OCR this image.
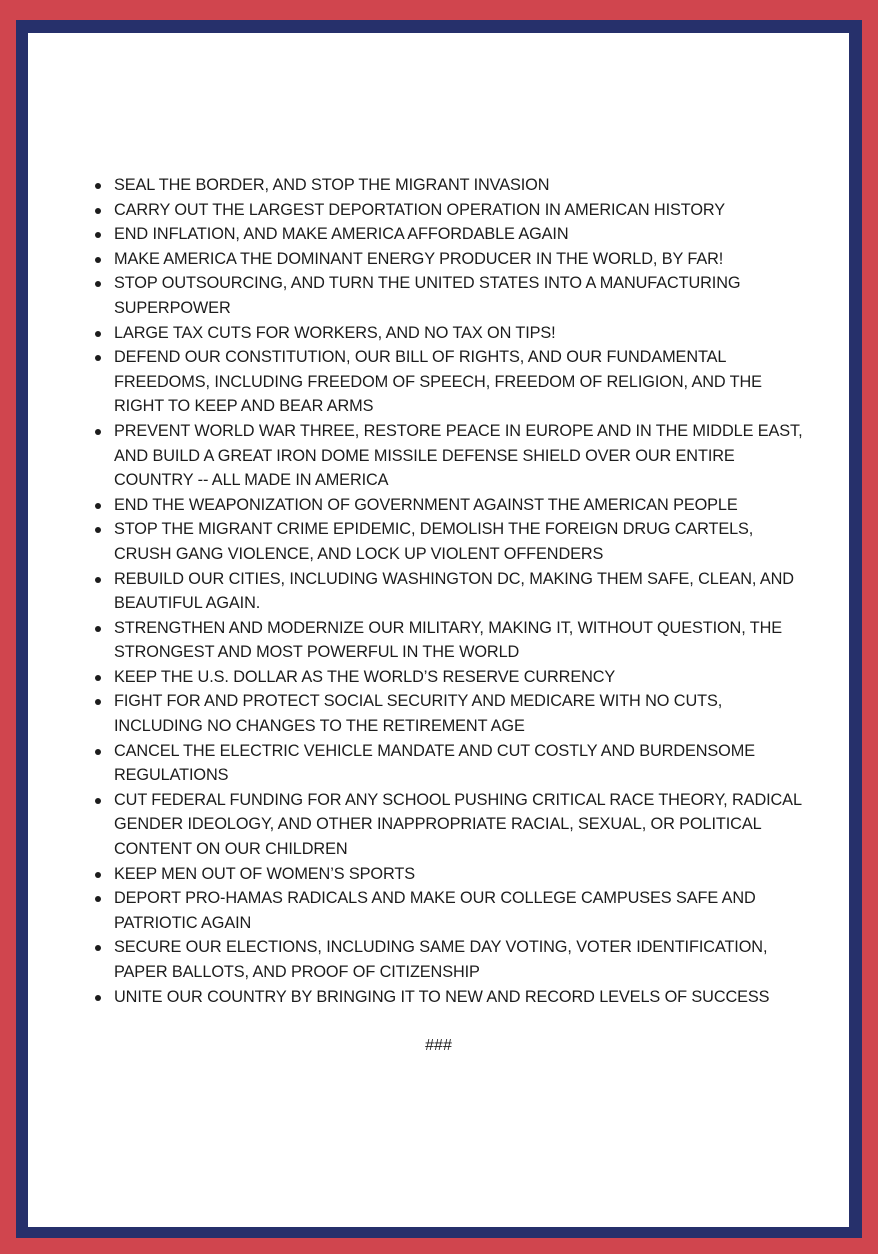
SEAL THE BORDER, AND STOP THE MIGRANT INVASION
CARRY OUT THE LARGEST DEPORTATION OPERATION IN AMERICAN HISTORY
END INFLATION, AND MAKE AMERICA AFFORDABLE AGAIN
MAKE AMERICA THE DOMINANT ENERGY PRODUCER IN THE WORLD, BY FAR!
STOP OUTSOURCING, AND TURN THE UNITED STATES INTO A MANUFACTURING SUPERPOWER
LARGE TAX CUTS FOR WORKERS, AND NO TAX ON TIPS!
DEFEND OUR CONSTITUTION, OUR BILL OF RIGHTS, AND OUR FUNDAMENTAL FREEDOMS, INCLUDING FREEDOM OF SPEECH, FREEDOM OF RELIGION, AND THE RIGHT TO KEEP AND BEAR ARMS
PREVENT WORLD WAR THREE, RESTORE PEACE IN EUROPE AND IN THE MIDDLE EAST, AND BUILD A GREAT IRON DOME MISSILE DEFENSE SHIELD OVER OUR ENTIRE COUNTRY -- ALL MADE IN AMERICA
END THE WEAPONIZATION OF GOVERNMENT AGAINST THE AMERICAN PEOPLE
STOP THE MIGRANT CRIME EPIDEMIC, DEMOLISH THE FOREIGN DRUG CARTELS, CRUSH GANG VIOLENCE, AND LOCK UP VIOLENT OFFENDERS
REBUILD OUR CITIES, INCLUDING WASHINGTON DC, MAKING THEM SAFE, CLEAN, AND BEAUTIFUL AGAIN.
STRENGTHEN AND MODERNIZE OUR MILITARY, MAKING IT, WITHOUT QUESTION, THE STRONGEST AND MOST POWERFUL IN THE WORLD
KEEP THE U.S. DOLLAR AS THE WORLD’S RESERVE CURRENCY
FIGHT FOR AND PROTECT SOCIAL SECURITY AND MEDICARE WITH NO CUTS, INCLUDING NO CHANGES TO THE RETIREMENT AGE
CANCEL THE ELECTRIC VEHICLE MANDATE AND CUT COSTLY AND BURDENSOME REGULATIONS
CUT FEDERAL FUNDING FOR ANY SCHOOL PUSHING CRITICAL RACE THEORY, RADICAL GENDER IDEOLOGY, AND OTHER INAPPROPRIATE RACIAL, SEXUAL, OR POLITICAL CONTENT ON OUR CHILDREN
KEEP MEN OUT OF WOMEN’S SPORTS
DEPORT PRO-HAMAS RADICALS AND MAKE OUR COLLEGE CAMPUSES SAFE AND PATRIOTIC AGAIN
SECURE OUR ELECTIONS, INCLUDING SAME DAY VOTING, VOTER IDENTIFICATION, PAPER BALLOTS, AND PROOF OF CITIZENSHIP
UNITE OUR COUNTRY BY BRINGING IT TO NEW AND RECORD LEVELS OF SUCCESS
###
